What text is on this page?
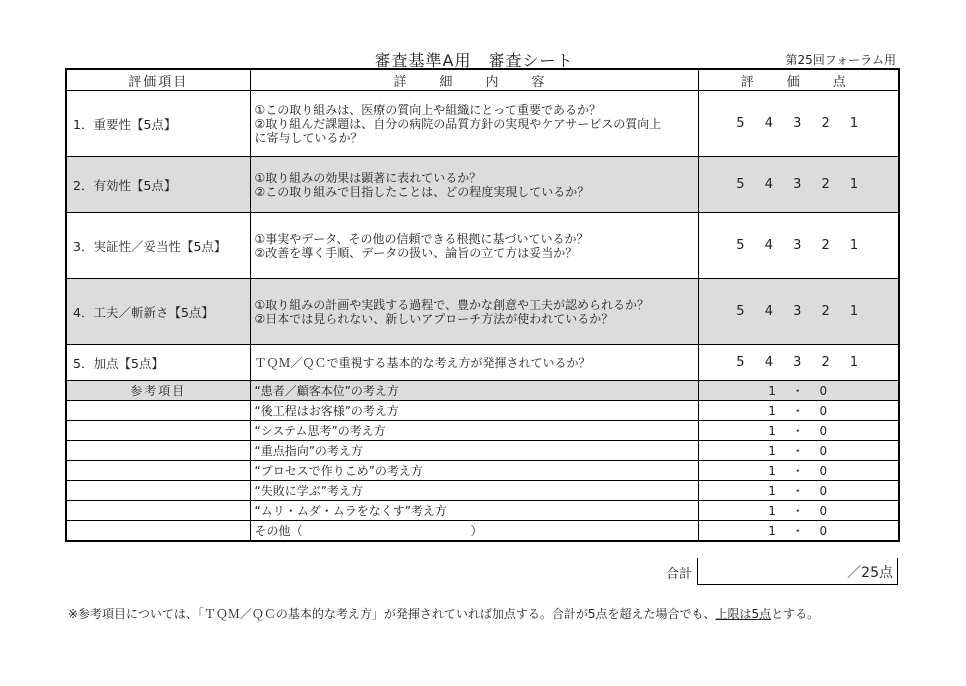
審査基準A用　審査シート	第25回フォーラム用
評価項目	詳　細　内　容	評　価　点
1．重要性【5点】	①この取り組みは、医療の質向上や組織にとって重要であるか？
②取り組んだ課題は、自分の病院の品質方針の実現やケアサービスの質向上
に寄与しているか？	5 4 3 2 1
2．有効性【5点】	①取り組みの効果は顕著に表れているか？
②この取り組みで目指したことは、どの程度実現しているか？	5 4 3 2 1
3．実証性／妥当性【5点】	①事実やデータ、その他の信頼できる根拠に基づいているか？
②改善を導く手順、データの扱い、論旨の立て方は妥当か？	5 4 3 2 1
4．工夫／斬新さ【5点】	①取り組みの計画や実践する過程で、豊かな創意や工夫が認められるか？
②日本では見られない、新しいアプローチ方法が使われているか？	5 4 3 2 1
5．加点【5点】	ＴＱＭ／ＱＣで重視する基本的な考え方が発揮されているか？	5 4 3 2 1
参考項目	“患者／顧客本位”の考え方	1 ・ 0
	“後工程はお客様”の考え方	1 ・ 0
	“システム思考”の考え方	1 ・ 0
	“重点指向”の考え方	1 ・ 0
	“プロセスで作りこめ”の考え方	1 ・ 0
	“失敗に学ぶ”考え方	1 ・ 0
	“ムリ・ムダ・ムラをなくす”考え方	1 ・ 0
	その他（　　　　　　　　　　　　　　）	1 ・ 0
合計	／25点
※参考項目については、「ＴＱＭ／ＱＣの基本的な考え方」が発揮されていれば加点する。合計が5点を超えた場合でも、上限は5点とする。
